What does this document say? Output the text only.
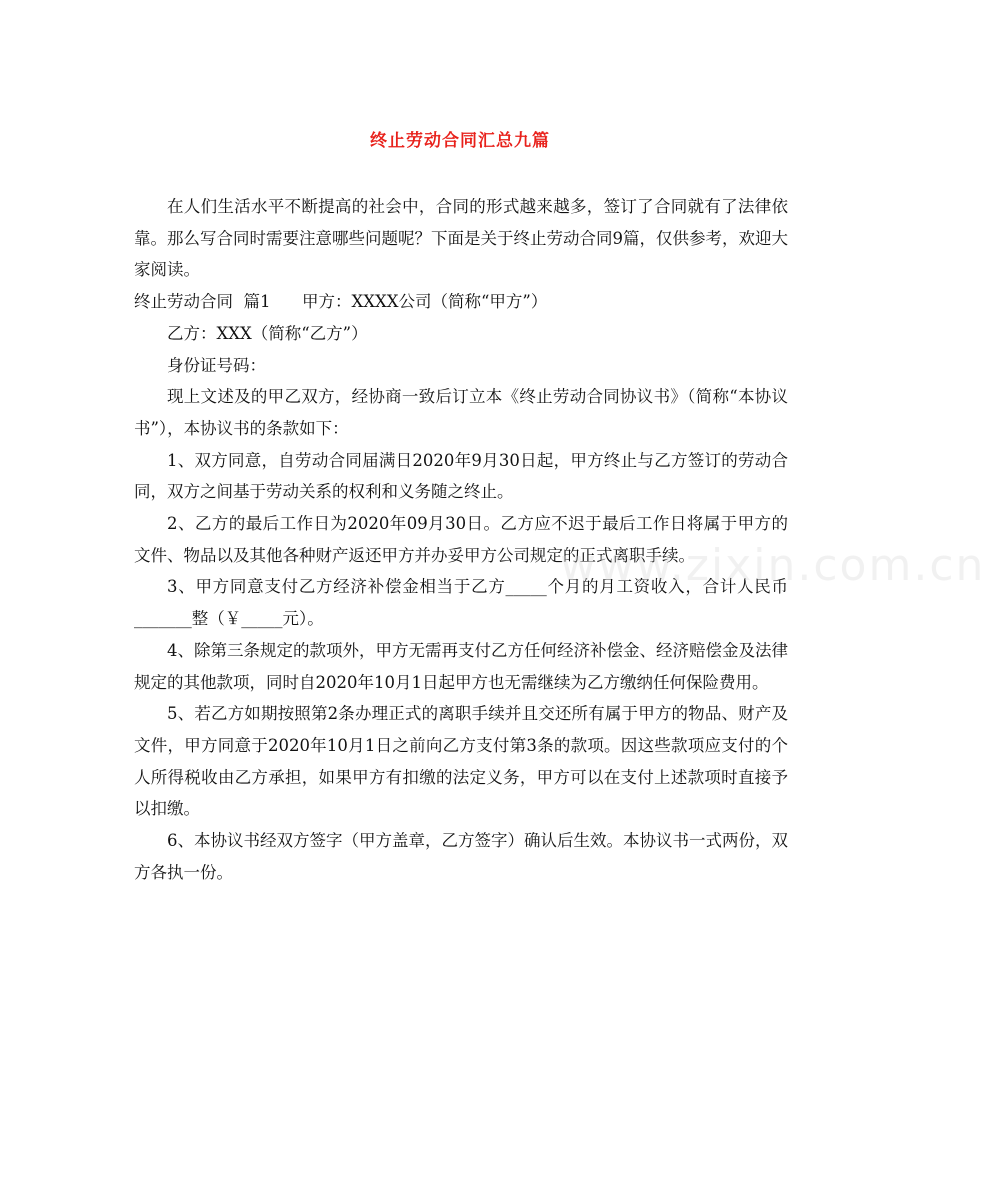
终止劳动合同汇总九篇

在人们生活水平不断提高的社会中，合同的形式越来越多，签订了合同就有了法律依靠。那么写合同时需要注意哪些问题呢？下面是关于终止劳动合同9篇，仅供参考，欢迎大家阅读。

终止劳动合同  篇1      甲方：XXXX公司（简称“甲方”）

乙方：XXX（简称“乙方”）

身份证号码：

现上文述及的甲乙双方，经协商一致后订立本《终止劳动合同协议书》（简称“本协议书”），本协议书的条款如下：

1、双方同意，自劳动合同届满日2020年9月30日起，甲方终止与乙方签订的劳动合同，双方之间基于劳动关系的权利和义务随之终止。

2、乙方的最后工作日为2020年09月30日。乙方应不迟于最后工作日将属于甲方的文件、物品以及其他各种财产返还甲方并办妥甲方公司规定的正式离职手续。

3、甲方同意支付乙方经济补偿金相当于乙方_____个月的月工资收入，合计人民币_______整（￥_____元）。

4、除第三条规定的款项外，甲方无需再支付乙方任何经济补偿金、经济赔偿金及法律规定的其他款项，同时自2020年10月1日起甲方也无需继续为乙方缴纳任何保险费用。

5、若乙方如期按照第2条办理正式的离职手续并且交还所有属于甲方的物品、财产及文件，甲方同意于2020年10月1日之前向乙方支付第3条的款项。因这些款项应支付的个人所得税收由乙方承担，如果甲方有扣缴的法定义务，甲方可以在支付上述款项时直接予以扣缴。

6、本协议书经双方签字（甲方盖章，乙方签字）确认后生效。本协议书一式两份，双方各执一份。

www.zixin.com.cn
